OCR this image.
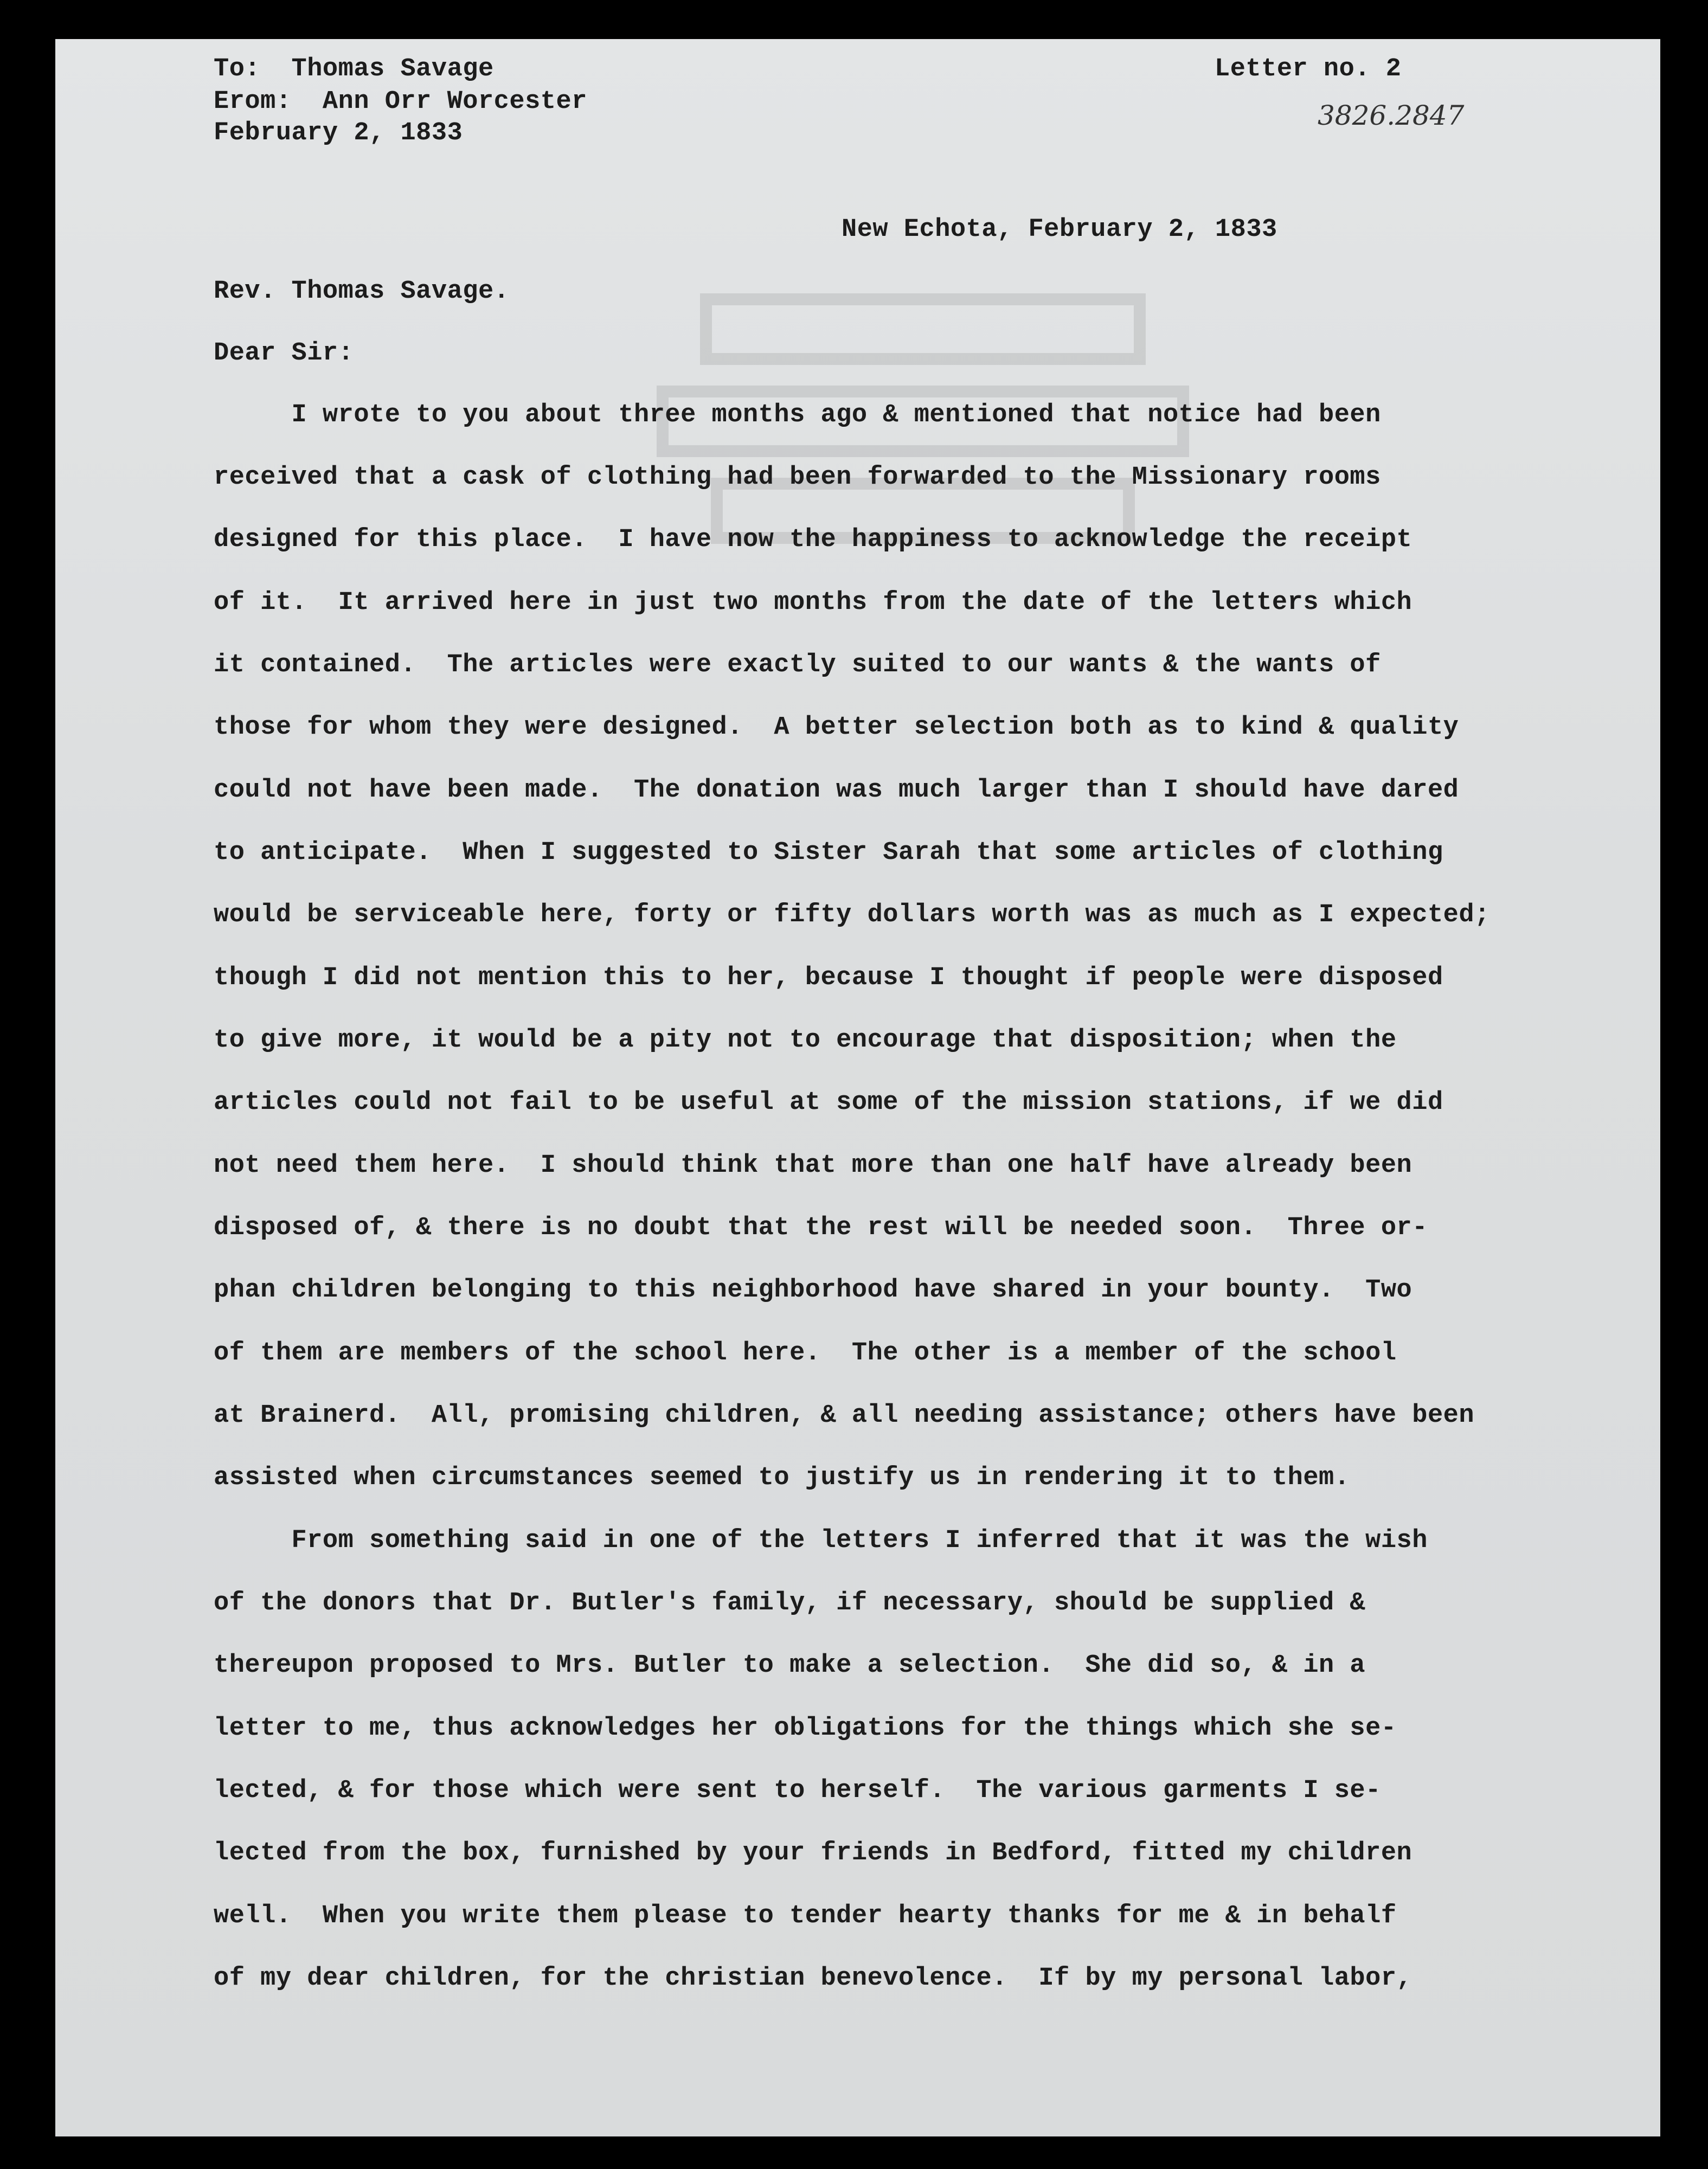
To:  Thomas Savage
Erom:  Ann Orr Worcester
February 2, 1833
Letter no. 2
3826.2847
New Echota, February 2, 1833
Rev. Thomas Savage.
Dear Sir:
I wrote to you about three months ago & mentioned that notice had been
received that a cask of clothing had been forwarded to the Missionary rooms
designed for this place.  I have now the happiness to acknowledge the receipt
of it.  It arrived here in just two months from the date of the letters which
it contained.  The articles were exactly suited to our wants & the wants of
those for whom they were designed.  A better selection both as to kind & quality
could not have been made.  The donation was much larger than I should have dared
to anticipate.  When I suggested to Sister Sarah that some articles of clothing
would be serviceable here, forty or fifty dollars worth was as much as I expected;
though I did not mention this to her, because I thought if people were disposed
to give more, it would be a pity not to encourage that disposition; when the
articles could not fail to be useful at some of the mission stations, if we did
not need them here.  I should think that more than one half have already been
disposed of, & there is no doubt that the rest will be needed soon.  Three or-
phan children belonging to this neighborhood have shared in your bounty.  Two
of them are members of the school here.  The other is a member of the school
at Brainerd.  All, promising children, & all needing assistance; others have been
assisted when circumstances seemed to justify us in rendering it to them.
From something said in one of the letters I inferred that it was the wish
of the donors that Dr. Butler's family, if necessary, should be supplied &
thereupon proposed to Mrs. Butler to make a selection.  She did so, & in a
letter to me, thus acknowledges her obligations for the things which she se-
lected, & for those which were sent to herself.  The various garments I se-
lected from the box, furnished by your friends in Bedford, fitted my children
well.  When you write them please to tender hearty thanks for me & in behalf
of my dear children, for the christian benevolence.  If by my personal labor,
